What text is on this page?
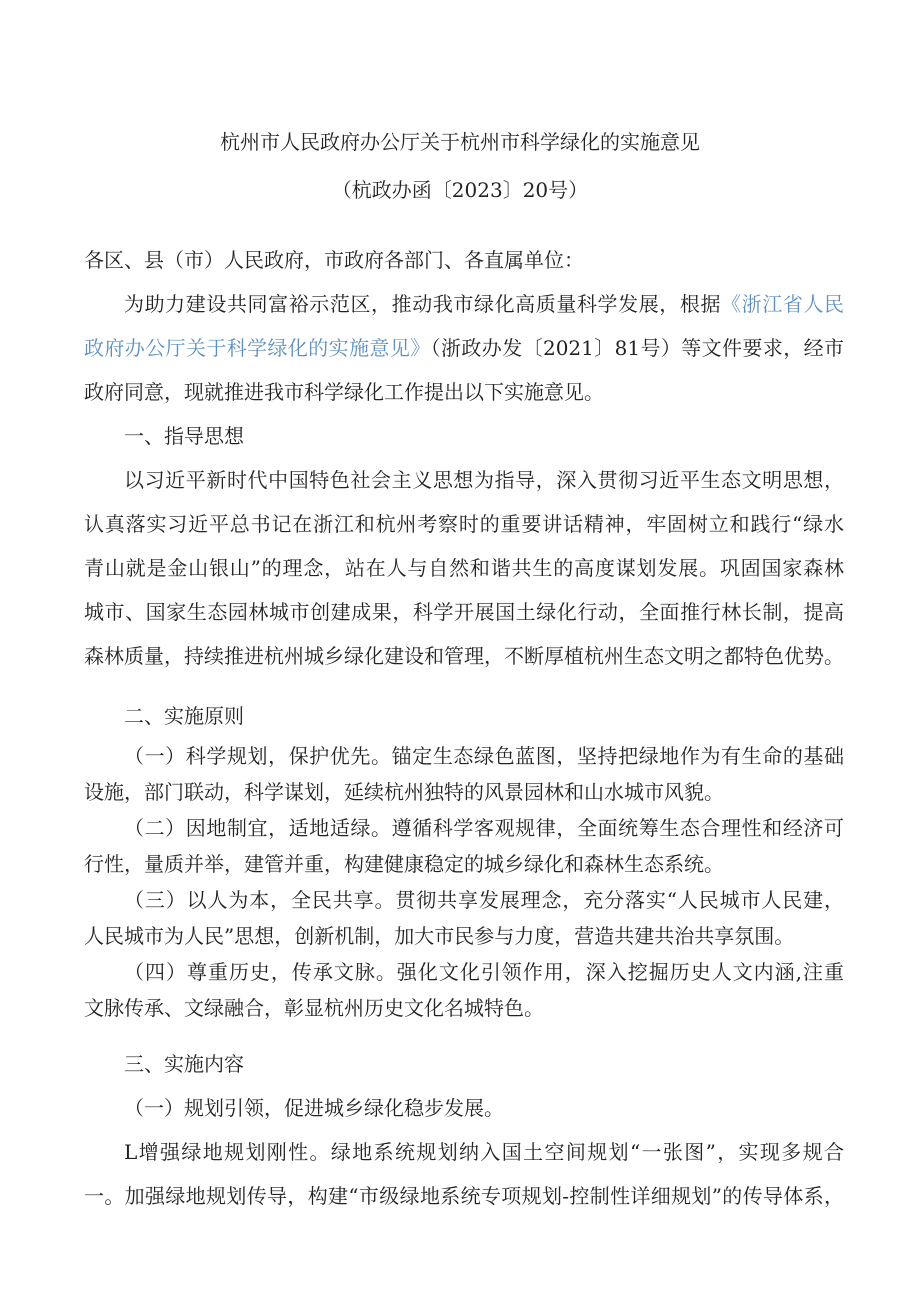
杭州市人民政府办公厅关于杭州市科学绿化的实施意见
（杭政办函〔2023〕20号）
各区、县（市）人民政府，市政府各部门、各直属单位：
为助力建设共同富裕示范区，推动我市绿化高质量科学发展，根据《浙江省人民
政府办公厅关于科学绿化的实施意见》（浙政办发〔2021〕81号）等文件要求，经市
政府同意，现就推进我市科学绿化工作提出以下实施意见。
一、指导思想
以习近平新时代中国特色社会主义思想为指导，深入贯彻习近平生态文明思想，
认真落实习近平总书记在浙江和杭州考察时的重要讲话精神，牢固树立和践行“绿水
青山就是金山银山”的理念，站在人与自然和谐共生的高度谋划发展。巩固国家森林
城市、国家生态园林城市创建成果，科学开展国土绿化行动，全面推行林长制，提高
森林质量，持续推进杭州城乡绿化建设和管理，不断厚植杭州生态文明之都特色优势。
二、实施原则
（一）科学规划，保护优先。锚定生态绿色蓝图，坚持把绿地作为有生命的基础
设施，部门联动，科学谋划，延续杭州独特的风景园林和山水城市风貌。
（二）因地制宜，适地适绿。遵循科学客观规律，全面统筹生态合理性和经济可
行性，量质并举，建管并重，构建健康稳定的城乡绿化和森林生态系统。
（三）以人为本，全民共享。贯彻共享发展理念，充分落实“人民城市人民建，
人民城市为人民”思想，创新机制，加大市民参与力度，营造共建共治共享氛围。
（四）尊重历史，传承文脉。强化文化引领作用，深入挖掘历史人文内涵,注重
文脉传承、文绿融合，彰显杭州历史文化名城特色。
三、实施内容
（一）规划引领，促进城乡绿化稳步发展。
L增强绿地规划刚性。绿地系统规划纳入国土空间规划“一张图”，实现多规合
一。加强绿地规划传导，构建“市级绿地系统专项规划-控制性详细规划”的传导体系，
